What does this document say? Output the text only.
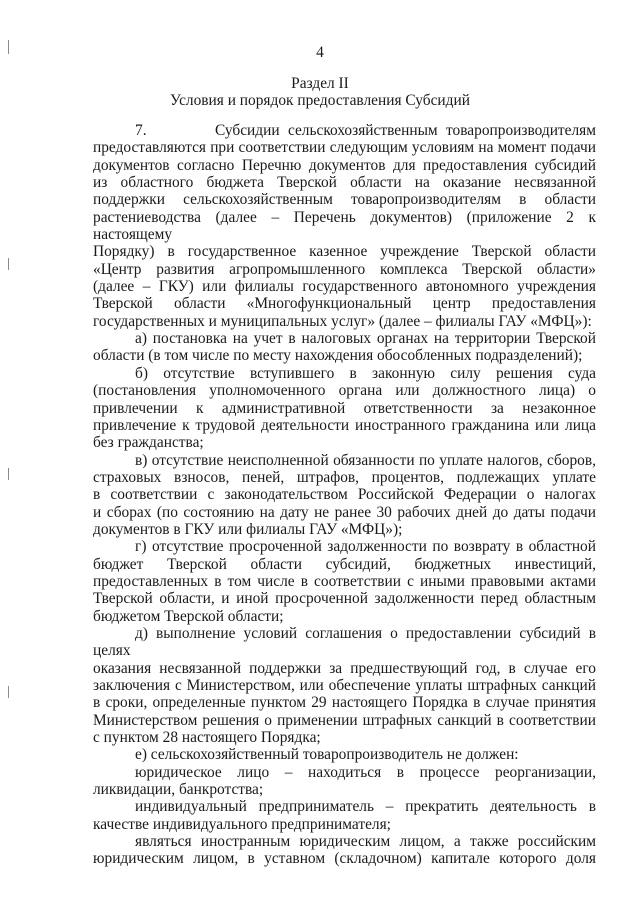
4
Раздел II
Условия и порядок предоставления Субсидий
7.	Субсидии сельскохозяйственным товаропроизводителям
предоставляются при соответствии следующим условиям на момент подачи
документов согласно Перечню документов для предоставления субсидий
из областного бюджета Тверской области на оказание несвязанной
поддержки сельскохозяйственным товаропроизводителям в области
растениеводства (далее – Перечень документов) (приложение 2 к настоящему
Порядку) в государственное казенное учреждение Тверской области
«Центр развития агропромышленного комплекса Тверской области»
(далее – ГКУ) или филиалы государственного автономного учреждения
Тверской области «Многофункциональный центр предоставления
государственных и муниципальных услуг» (далее – филиалы ГАУ «МФЦ»):
а) постановка на учет в налоговых органах на территории Тверской
области (в том числе по месту нахождения обособленных подразделений);
б) отсутствие вступившего в законную силу решения суда
(постановления уполномоченного органа или должностного лица) о
привлечении к административной ответственности за незаконное
привлечение к трудовой деятельности иностранного гражданина или лица
без гражданства;
в) отсутствие неисполненной обязанности по уплате налогов, сборов,
страховых взносов, пеней, штрафов, процентов, подлежащих уплате
в соответствии с законодательством Российской Федерации о налогах
и сборах (по состоянию на дату не ранее 30 рабочих дней до даты подачи
документов в ГКУ или филиалы ГАУ «МФЦ»);
г) отсутствие просроченной задолженности по возврату в областной
бюджет Тверской области субсидий, бюджетных инвестиций,
предоставленных в том числе в соответствии с иными правовыми актами
Тверской области, и иной просроченной задолженности перед областным
бюджетом Тверской области;
д) выполнение условий соглашения о предоставлении субсидий в целях
оказания несвязанной поддержки за предшествующий год, в случае его
заключения с Министерством, или обеспечение уплаты штрафных санкций
в сроки, определенные пунктом 29 настоящего Порядка в случае принятия
Министерством решения о применении штрафных санкций в соответствии
с пунктом 28 настоящего Порядка;
е) сельскохозяйственный товаропроизводитель не должен:
юридическое лицо – находиться в процессе реорганизации,
ликвидации, банкротства;
индивидуальный предприниматель – прекратить деятельность в
качестве индивидуального предпринимателя;
являться иностранным юридическим лицом, а также российским
юридическим лицом, в уставном (складочном) капитале которого доля
